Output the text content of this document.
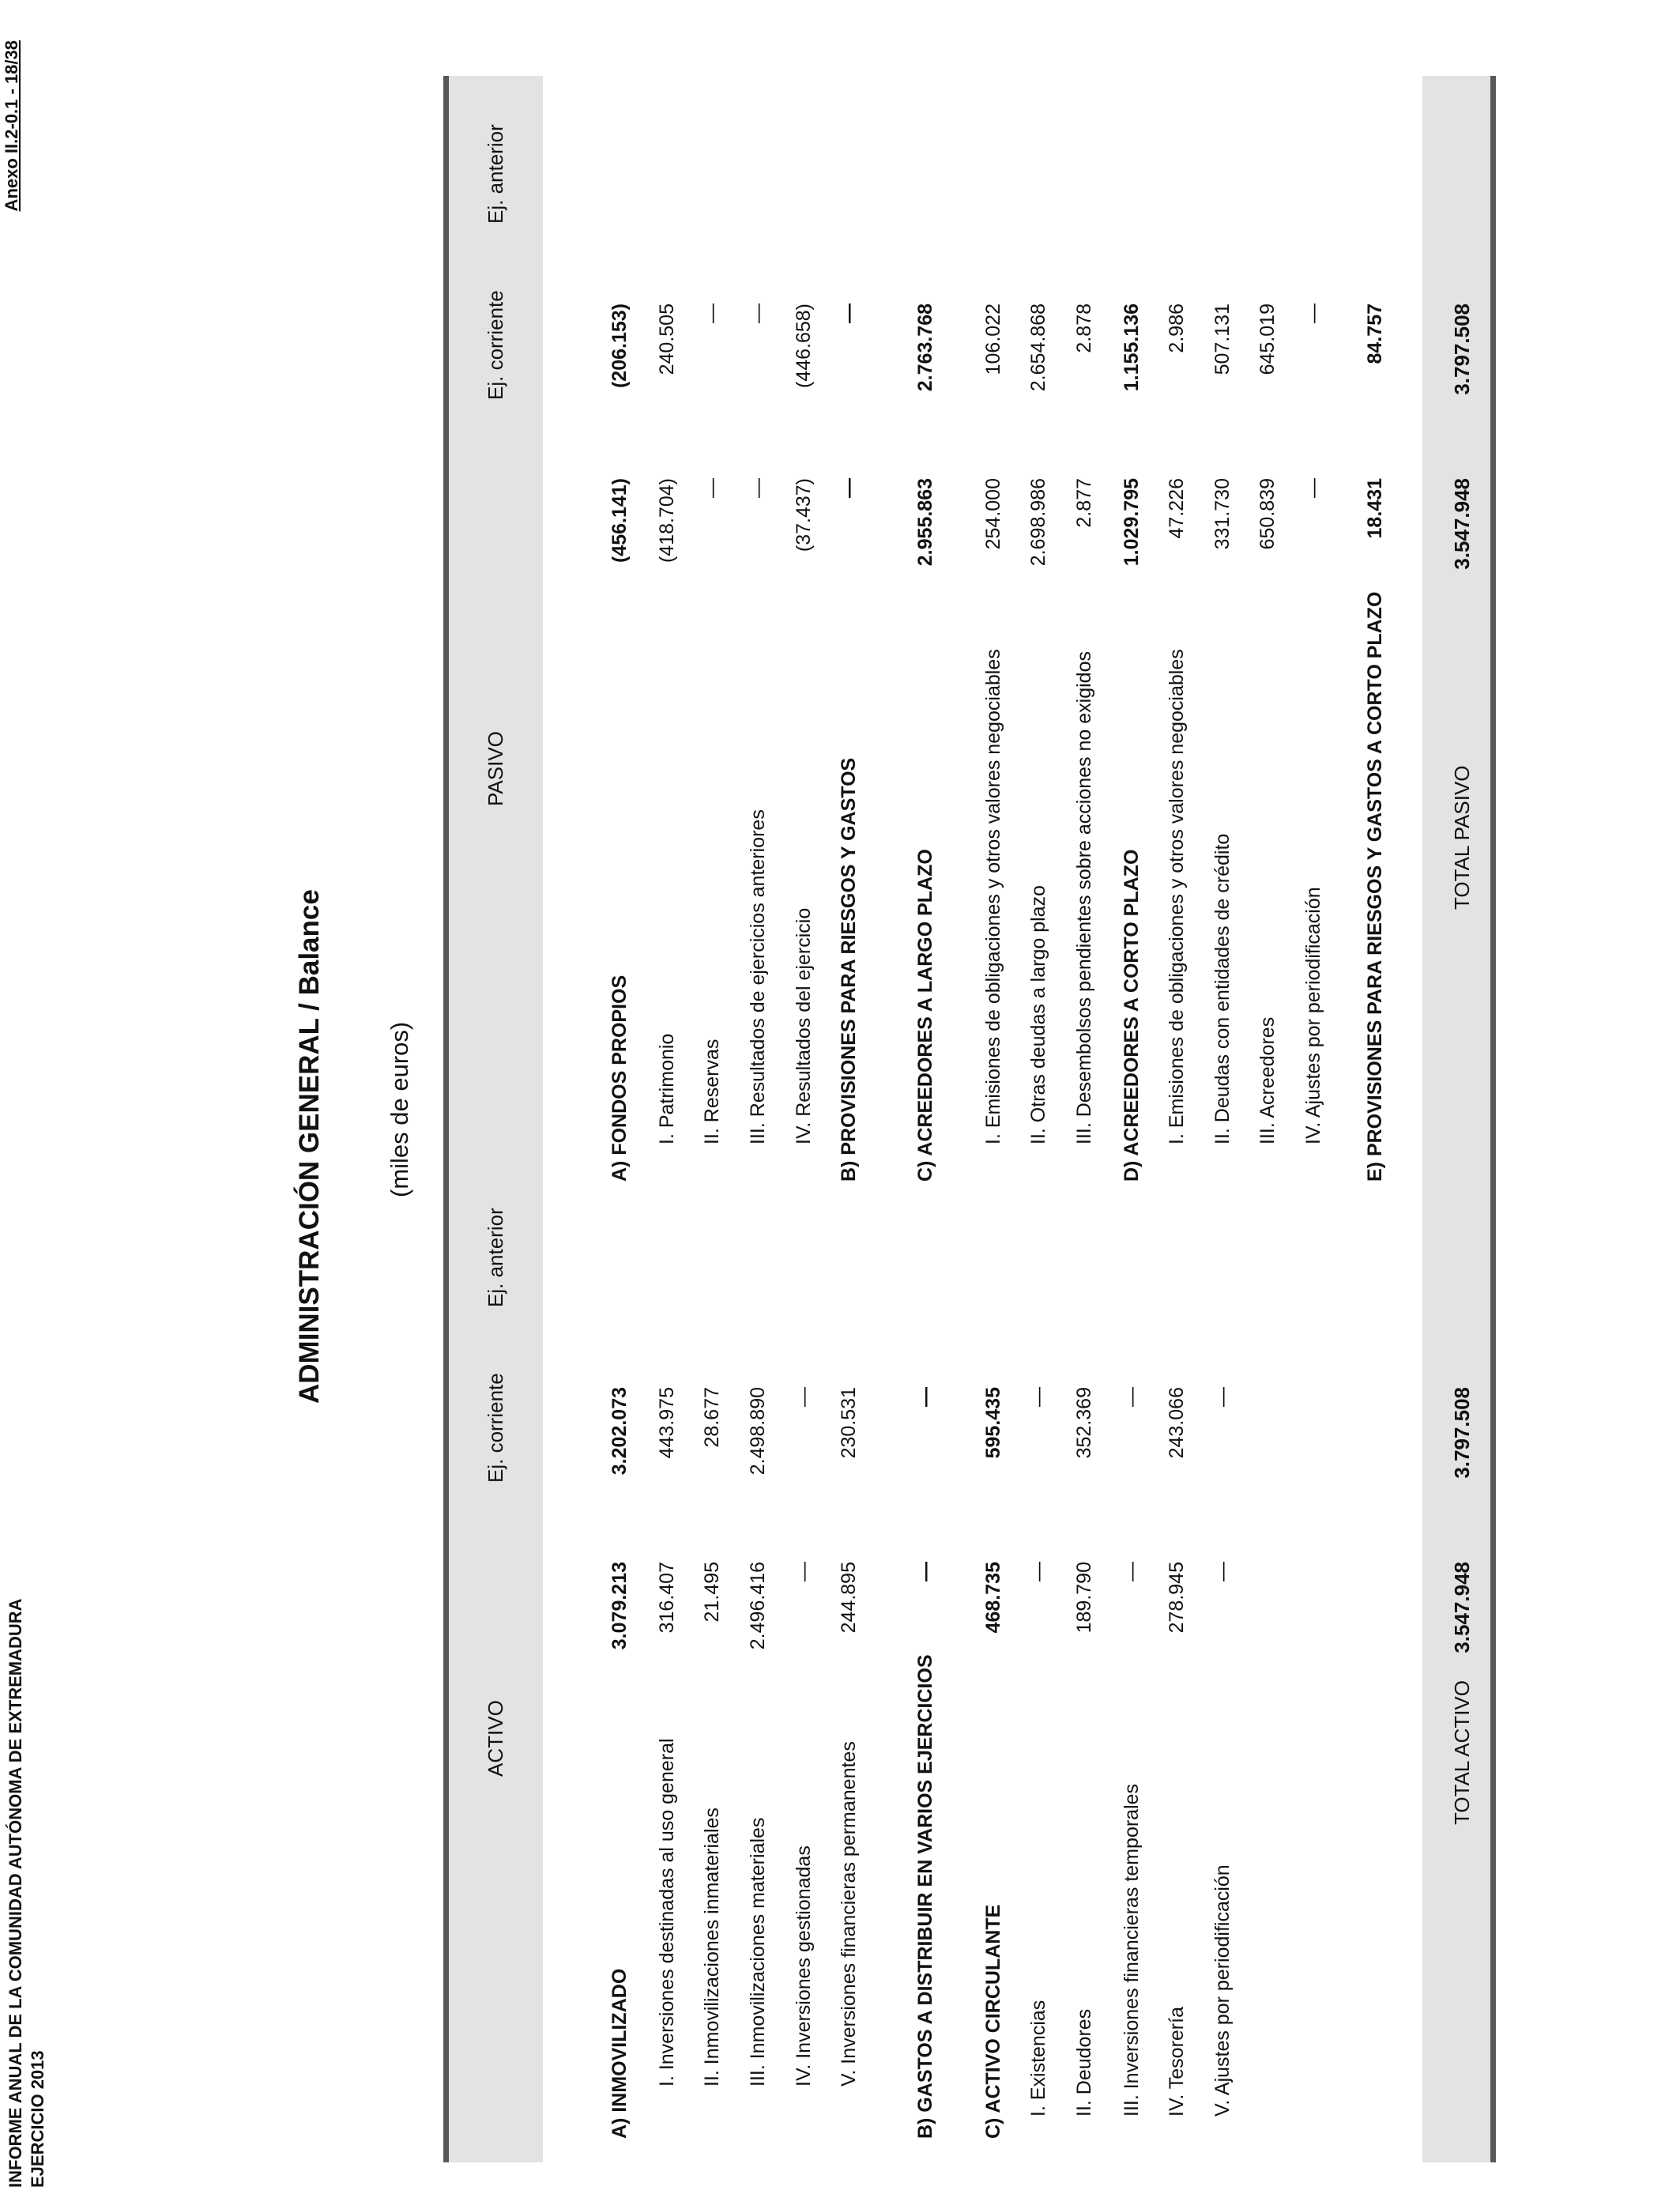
INFORME ANUAL DE LA COMUNIDAD AUTÓNOMA DE EXTREMADURA EJERCICIO 2013
Anexo II.2-0.1 - 18/38
ADMINISTRACIÓN GENERAL / Balance (miles de euros)
ACTIVO
Ej. corriente
Ej. anterior
PASIVO
Ej. corriente
Ej. anterior
A) INMOVILIZADO
3.079.213
3.202.073
I. Inversiones destinadas al uso general
316.407
443.975
II. Inmovilizaciones inmateriales
21.495
28.677
III. Inmovilizaciones materiales
2.496.416
2.498.890
IV. Inversiones gestionadas
—
—
V. Inversiones financieras permanentes
244.895
230.531
B) GASTOS A DISTRIBUIR EN VARIOS EJERCICIOS
—
—
C) ACTIVO CIRCULANTE
468.735
595.435
I. Existencias
—
—
II. Deudores
189.790
352.369
III. Inversiones financieras temporales
—
—
IV. Tesorería
278.945
243.066
V. Ajustes por periodificación
—
—
A) FONDOS PROPIOS
(456.141)
(206.153)
I. Patrimonio
(418.704)
240.505
II. Reservas
—
—
III. Resultados de ejercicios anteriores
—
—
IV. Resultados del ejercicio
(37.437)
(446.658)
B) PROVISIONES PARA RIESGOS Y GASTOS
—
—
C) ACREEDORES A LARGO PLAZO
2.955.863
2.763.768
I. Emisiones de obligaciones y otros valores negociables
254.000
106.022
II. Otras deudas a largo plazo
2.698.986
2.654.868
III. Desembolsos pendientes sobre acciones no exigidos
2.877
2.878
D) ACREEDORES A CORTO PLAZO
1.029.795
1.155.136
I. Emisiones de obligaciones y otros valores negociables
47.226
2.986
II. Deudas con entidades de crédito
331.730
507.131
III. Acreedores
650.839
645.019
IV. Ajustes por periodificación
—
—
E) PROVISIONES PARA RIESGOS Y GASTOS A CORTO PLAZO
18.431
84.757
TOTAL ACTIVO
3.547.948
3.797.508
TOTAL PASIVO
3.547.948
3.797.508
